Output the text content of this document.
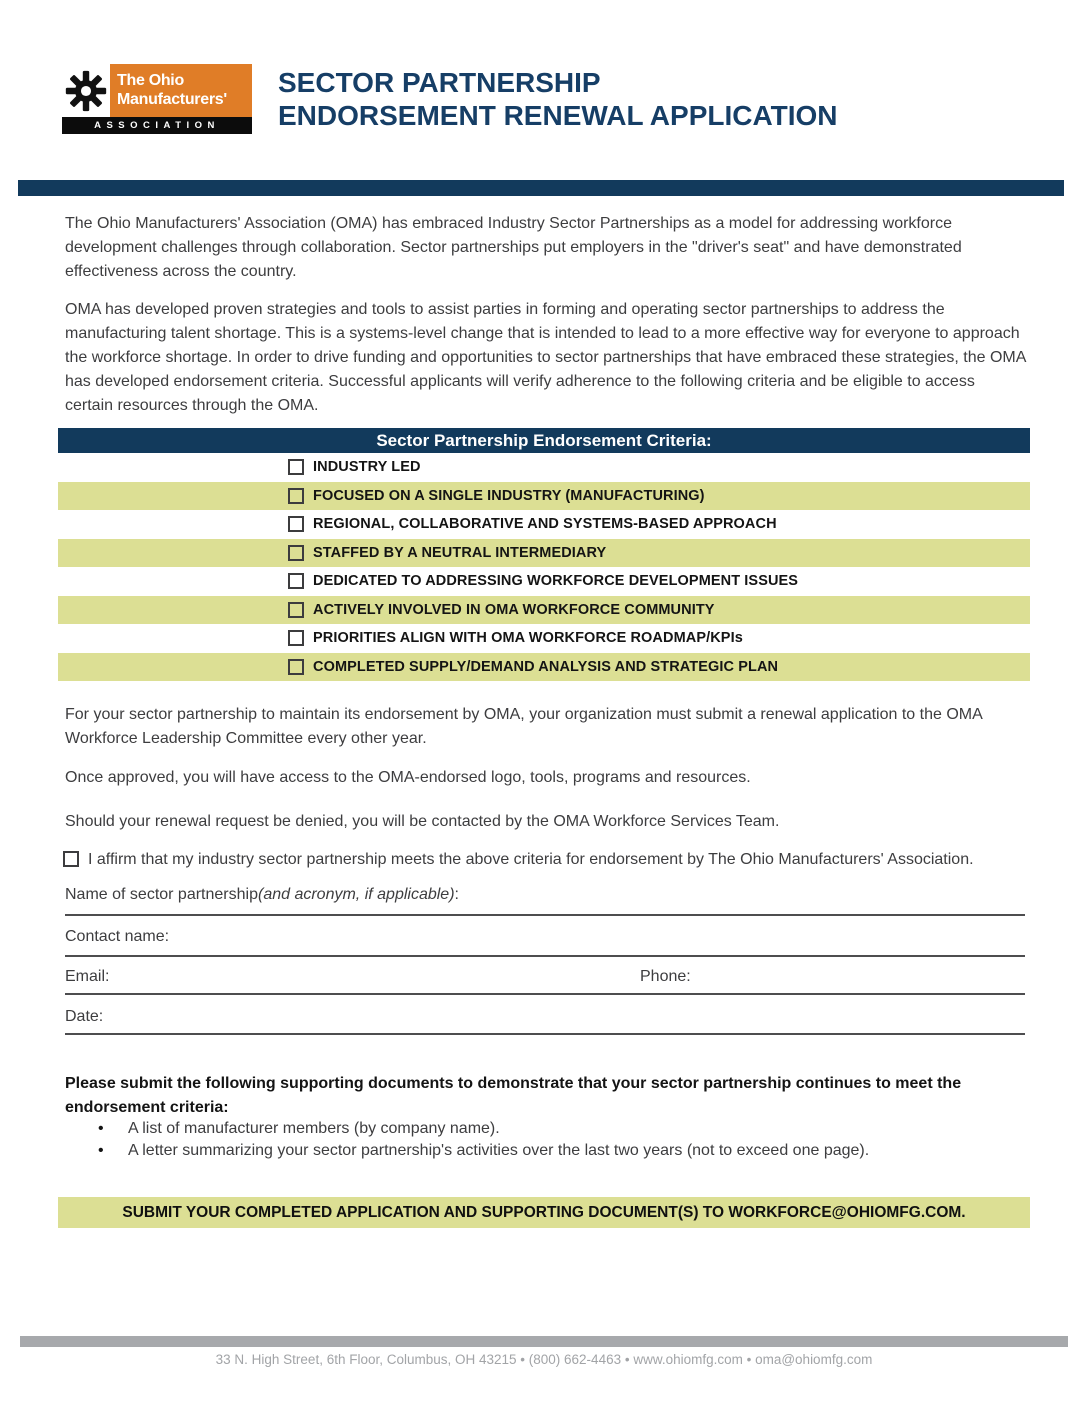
The Ohio
Manufacturers'
ASSOCIATION
SECTOR PARTNERSHIP
ENDORSEMENT RENEWAL APPLICATION

The Ohio Manufacturers' Association (OMA) has embraced Industry Sector Partnerships as a model for addressing workforce development challenges through collaboration. Sector partnerships put employers in the "driver's seat" and have demonstrated effectiveness across the country.

OMA has developed proven strategies and tools to assist parties in forming and operating sector partnerships to address the manufacturing talent shortage. This is a systems-level change that is intended to lead to a more effective way for everyone to approach the workforce shortage. In order to drive funding and opportunities to sector partnerships that have embraced these strategies, the OMA has developed endorsement criteria. Successful applicants will verify adherence to the following criteria and be eligible to access certain resources through the OMA.

Sector Partnership Endorsement Criteria:
INDUSTRY LED
FOCUSED ON A SINGLE INDUSTRY (MANUFACTURING)
REGIONAL, COLLABORATIVE AND SYSTEMS-BASED APPROACH
STAFFED BY A NEUTRAL INTERMEDIARY
DEDICATED TO ADDRESSING WORKFORCE DEVELOPMENT ISSUES
ACTIVELY INVOLVED IN OMA WORKFORCE COMMUNITY
PRIORITIES ALIGN WITH OMA WORKFORCE ROADMAP/KPIs
COMPLETED SUPPLY/DEMAND ANALYSIS AND STRATEGIC PLAN

For your sector partnership to maintain its endorsement by OMA, your organization must submit a renewal application to the OMA Workforce Leadership Committee every other year.

Once approved, you will have access to the OMA-endorsed logo, tools, programs and resources.

Should your renewal request be denied, you will be contacted by the OMA Workforce Services Team.

I affirm that my industry sector partnership meets the above criteria for endorsement by The Ohio Manufacturers' Association.
Name of sector partnership(and acronym, if applicable):
Contact name:
Email:	Phone:
Date:
Please submit the following supporting documents to demonstrate that your sector partnership continues to meet the endorsement criteria:
• A list of manufacturer members (by company name).
• A letter summarizing your sector partnership's activities over the last two years (not to exceed one page).
SUBMIT YOUR COMPLETED APPLICATION AND SUPPORTING DOCUMENT(S) TO WORKFORCE@OHIOMFG.COM.
33 N. High Street, 6th Floor, Columbus, OH 43215 • (800) 662-4463 • www.ohiomfg.com • oma@ohiomfg.com
